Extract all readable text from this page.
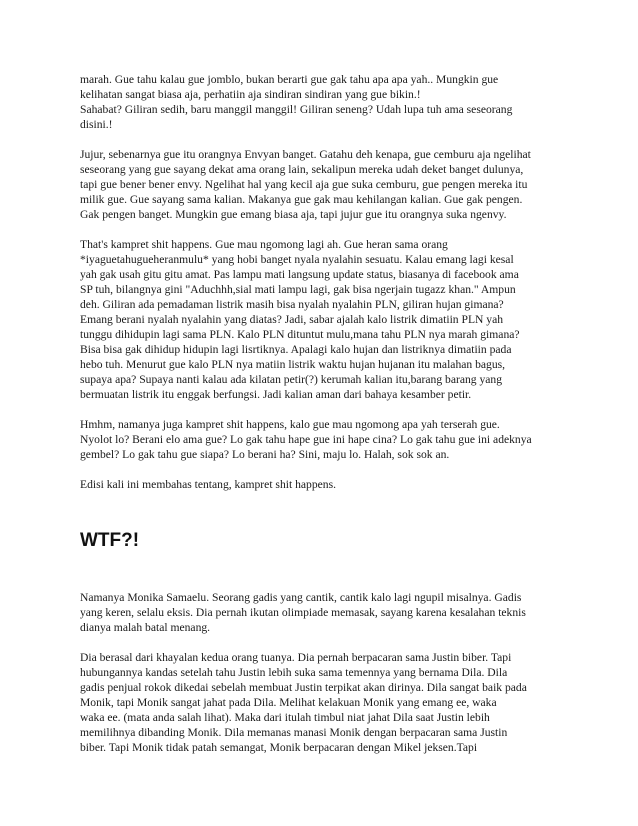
marah. Gue tahu kalau gue jomblo, bukan berarti gue gak tahu apa apa yah.. Mungkin gue
kelihatan sangat biasa aja, perhatiin aja sindiran sindiran yang gue bikin.!
Sahabat? Giliran sedih, baru manggil manggil! Giliran seneng? Udah lupa tuh ama seseorang
disini.!
Jujur, sebenarnya gue itu orangnya Envyan banget. Gatahu deh kenapa, gue cemburu aja ngelihat
seseorang yang gue sayang dekat ama orang lain, sekalipun mereka udah deket banget dulunya,
tapi gue bener bener envy. Ngelihat hal yang kecil aja gue suka cemburu, gue pengen mereka itu
milik gue. Gue sayang sama kalian. Makanya gue gak mau kehilangan kalian. Gue gak pengen.
Gak pengen banget. Mungkin gue emang biasa aja, tapi jujur gue itu orangnya suka ngenvy.
That's kampret shit happens. Gue mau ngomong lagi ah. Gue heran sama orang
*iyaguetahugueheranmulu* yang hobi banget nyala nyalahin sesuatu. Kalau emang lagi kesal
yah gak usah gitu gitu amat. Pas lampu mati langsung update status, biasanya di facebook ama
SP tuh, bilangnya gini "Aduchhh,sial mati lampu lagi, gak bisa ngerjain tugazz khan." Ampun
deh. Giliran ada pemadaman listrik masih bisa nyalah nyalahin PLN, giliran hujan gimana?
Emang berani nyalah nyalahin yang diatas? Jadi, sabar ajalah kalo listrik dimatiin PLN yah
tunggu dihidupin lagi sama PLN. Kalo PLN dituntut mulu,mana tahu PLN nya marah gimana?
Bisa bisa gak dihidup hidupin lagi lisrtiknya. Apalagi kalo hujan dan listriknya dimatiin pada
hebo tuh. Menurut gue kalo PLN nya matiin listrik waktu hujan hujanan itu malahan bagus,
supaya apa? Supaya nanti kalau ada kilatan petir(?) kerumah kalian itu,barang barang yang
bermuatan listrik itu enggak berfungsi. Jadi kalian aman dari bahaya kesamber petir.
Hmhm, namanya juga kampret shit happens, kalo gue mau ngomong apa yah terserah gue.
Nyolot lo? Berani elo ama gue? Lo gak tahu hape gue ini hape cina? Lo gak tahu gue ini adeknya
gembel? Lo gak tahu gue siapa? Lo berani ha? Sini, maju lo. Halah, sok sok an.
Edisi kali ini membahas tentang, kampret shit happens.
WTF?!
Namanya Monika Samaelu. Seorang gadis yang cantik, cantik kalo lagi ngupil misalnya. Gadis
yang keren, selalu eksis. Dia pernah ikutan olimpiade memasak, sayang karena kesalahan teknis
dianya malah batal menang.
Dia berasal dari khayalan kedua orang tuanya. Dia pernah berpacaran sama Justin biber. Tapi
hubungannya kandas setelah tahu Justin lebih suka sama temennya yang bernama Dila. Dila
gadis penjual rokok dikedai sebelah membuat Justin terpikat akan dirinya. Dila sangat baik pada
Monik, tapi Monik sangat jahat pada Dila. Melihat kelakuan Monik yang emang ee, waka
waka ee. (mata anda salah lihat). Maka dari itulah timbul niat jahat Dila saat Justin lebih
memilihnya dibanding Monik. Dila memanas manasi Monik dengan berpacaran sama Justin
biber. Tapi Monik tidak patah semangat, Monik berpacaran dengan Mikel jeksen.Tapi
